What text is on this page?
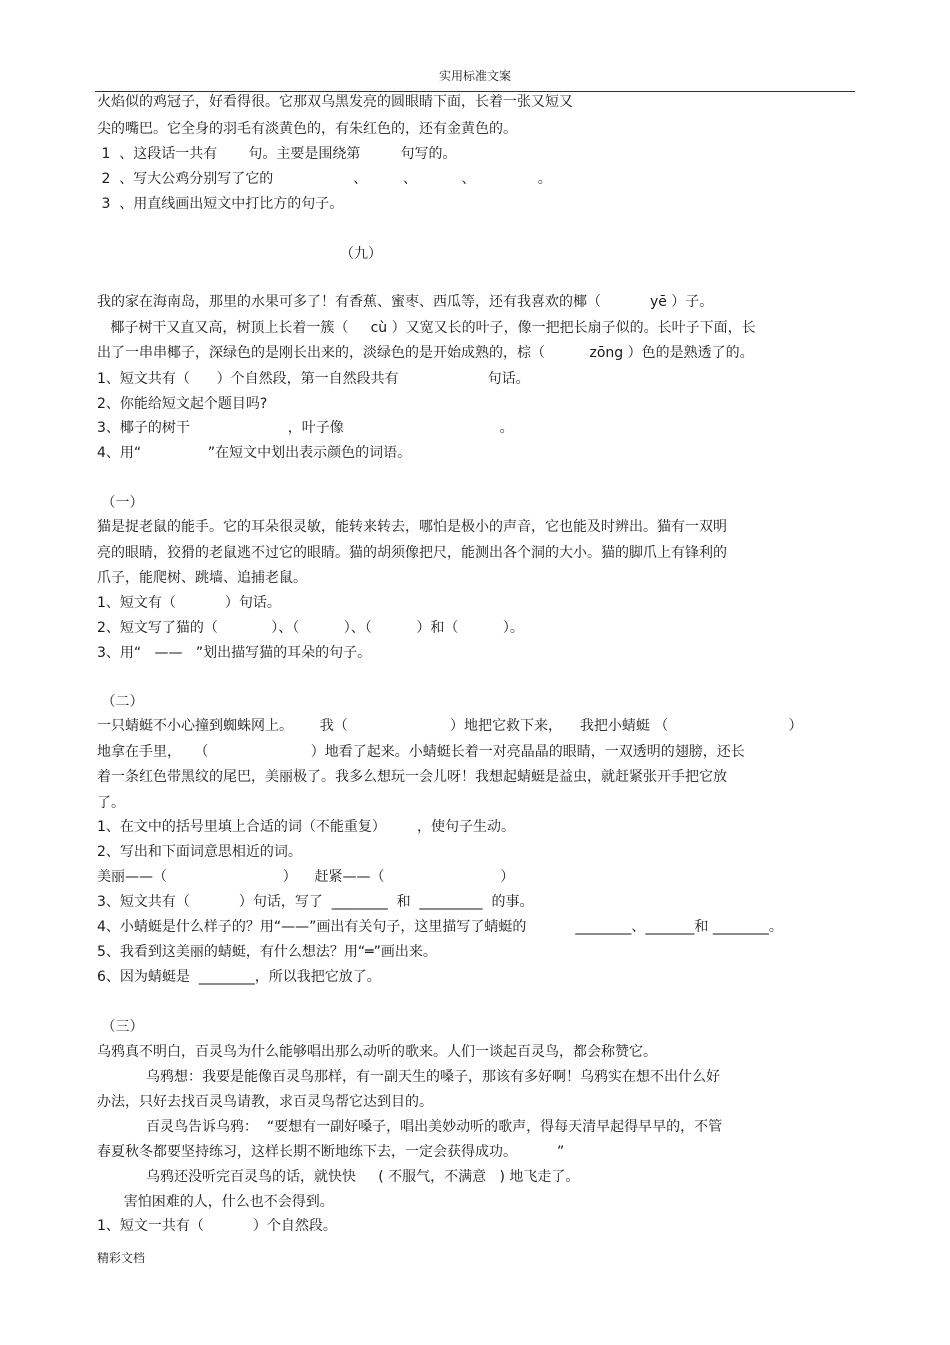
实用标准文案
火焰似的鸡冠子，好看得很。它那双乌黑发亮的圆眼睛下面，长着一张又短又
尖的嘴巴。它全身的羽毛有淡黄色的，有朱红色的，还有金黄色的。
1  、这段话一共有       句。主要是围绕第         句写的。
2  、写大公鸡分别写了它的                  、        、          、              。
3  、用直线画出短文中打比方的句子。
（九）
我的家在海南岛，那里的水果可多了！有香蕉、蜜枣、西瓜等，还有我喜欢的椰（           yē ）子。
椰子树干又直又高，树顶上长着一簇（     cù ）又宽又长的叶子，像一把把长扇子似的。长叶子下面，长
出了一串串椰子，深绿色的是刚长出来的，淡绿色的是开始成熟的，棕（          zōng ）色的是熟透了的。
1、短文共有（      ）个自然段，第一自然段共有                    句话。
2、你能给短文起个题目吗?
3、椰子的树干                      ，叶子像                                   。
4、用“               ”在短文中划出表示颜色的词语。
（一）
猫是捉老鼠的能手。它的耳朵很灵敏，能转来转去，哪怕是极小的声音，它也能及时辨出。猫有一双明
亮的眼睛，狡猾的老鼠逃不过它的眼睛。猫的胡须像把尺，能测出各个洞的大小。猫的脚爪上有锋利的
爪子，能爬树、跳墙、追捕老鼠。
1、短文有（           ）句话。
2、短文写了猫的（            ）、（          ）、（          ）和（          ）。
3、用“   ——   ”划出描写猫的耳朵的句子。
（二）
一只蜻蜓不小心撞到蜘蛛网上。      我（                       ）地把它救下来，    我把小蜻蜓 （                           ）
地拿在手里，   （                       ）地看了起来。小蜻蜓长着一对亮晶晶的眼睛，一双透明的翅膀，还长
着一条红色带黑纹的尾巴，美丽极了。我多么想玩一会儿呀！我想起蜻蜓是益虫，就赶紧张开手把它放
了。
1、在文中的括号里填上合适的词（不能重复）       ，使句子生动。
2、写出和下面词意思相近的词。
美丽——（                          ）    赶紧——（                          ）
3、短文共有（           ）句话，写了  ________  和  _________  的事。
4、小蜻蜓是什么样子的？用“——”画出有关句子，这里描写了蜻蜓的           ________、_______和 ________。
5、我看到这美丽的蜻蜓，有什么想法？用“═”画出来。
6、因为蜻蜓是  ________，所以我把它放了。
（三）
乌鸦真不明白，百灵鸟为什么能够唱出那么动听的歌来。人们一谈起百灵鸟，都会称赞它。
乌鸦想：我要是能像百灵鸟那样，有一副天生的嗓子，那该有多好啊！乌鸦实在想不出什么好
办法，只好去找百灵鸟请教，求百灵鸟帮它达到目的。
百灵鸟告诉乌鸦：  “要想有一副好嗓子，唱出美妙动听的歌声，得每天清早起得早早的，不管
春夏秋冬都要坚持练习，这样长期不断地练下去，一定会获得成功。         ”
乌鸦还没听完百灵鸟的话，就快快     ( 不服气，不满意   ) 地飞走了。
害怕困难的人，什么也不会得到。
1、短文一共有（           ）个自然段。
精彩文档
